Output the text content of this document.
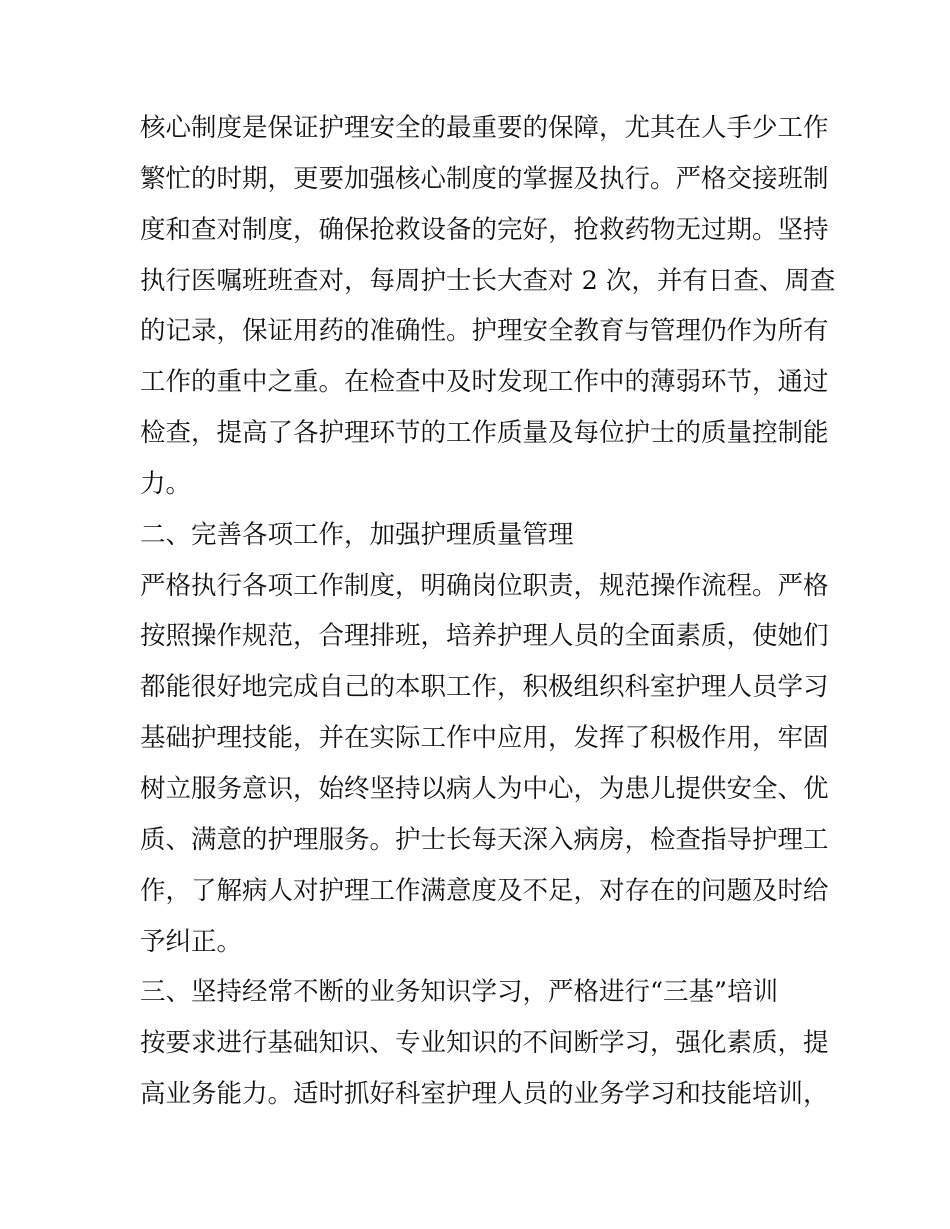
核心制度是保证护理安全的最重要的保障，尤其在人手少工作
繁忙的时期，更要加强核心制度的掌握及执行。严格交接班制
度和查对制度，确保抢救设备的完好，抢救药物无过期。坚持
执行医嘱班班查对，每周护士长大查对 2 次，并有日查、周查
的记录，保证用药的准确性。护理安全教育与管理仍作为所有
工作的重中之重。在检查中及时发现工作中的薄弱环节，通过
检查，提高了各护理环节的工作质量及每位护士的质量控制能
力。
二、完善各项工作，加强护理质量管理
严格执行各项工作制度，明确岗位职责，规范操作流程。严格
按照操作规范，合理排班，培养护理人员的全面素质，使她们
都能很好地完成自己的本职工作，积极组织科室护理人员学习
基础护理技能，并在实际工作中应用，发挥了积极作用，牢固
树立服务意识，始终坚持以病人为中心，为患儿提供安全、优
质、满意的护理服务。护士长每天深入病房，检查指导护理工
作，了解病人对护理工作满意度及不足，对存在的问题及时给
予纠正。
三、坚持经常不断的业务知识学习，严格进行“三基”培训
按要求进行基础知识、专业知识的不间断学习，强化素质，提
高业务能力。适时抓好科室护理人员的业务学习和技能培训，
